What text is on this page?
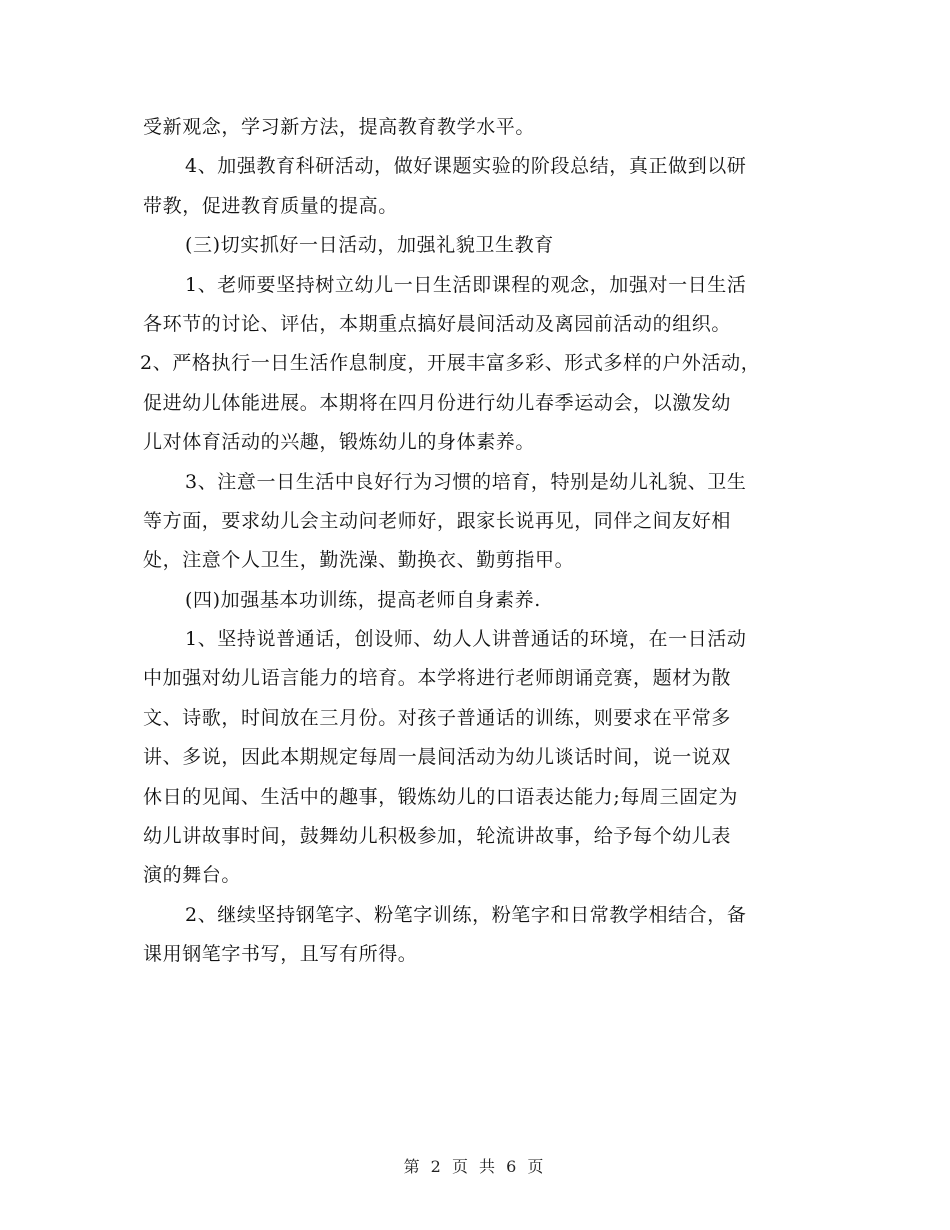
受新观念，学习新方法，提高教育教学水平。
4、加强教育科研活动，做好课题实验的阶段总结，真正做到以研
带教，促进教育质量的提高。
(三)切实抓好一日活动，加强礼貌卫生教育
1、老师要坚持树立幼儿一日生活即课程的观念，加强对一日生活
各环节的讨论、评估，本期重点搞好晨间活动及离园前活动的组织。
2、严格执行一日生活作息制度，开展丰富多彩、形式多样的户外活动，
促进幼儿体能进展。本期将在四月份进行幼儿春季运动会，以激发幼
儿对体育活动的兴趣，锻炼幼儿的身体素养。
3、注意一日生活中良好行为习惯的培育，特别是幼儿礼貌、卫生
等方面，要求幼儿会主动问老师好，跟家长说再见，同伴之间友好相
处，注意个人卫生，勤洗澡、勤换衣、勤剪指甲。
(四)加强基本功训练，提高老师自身素养.
1、坚持说普通话，创设师、幼人人讲普通话的环境，在一日活动
中加强对幼儿语言能力的培育。本学将进行老师朗诵竞赛，题材为散
文、诗歌，时间放在三月份。对孩子普通话的训练，则要求在平常多
讲、多说，因此本期规定每周一晨间活动为幼儿谈话时间，说一说双
休日的见闻、生活中的趣事，锻炼幼儿的口语表达能力;每周三固定为
幼儿讲故事时间，鼓舞幼儿积极参加，轮流讲故事，给予每个幼儿表
演的舞台。
2、继续坚持钢笔字、粉笔字训练，粉笔字和日常教学相结合，备
课用钢笔字书写，且写有所得。
第 2 页 共 6 页
